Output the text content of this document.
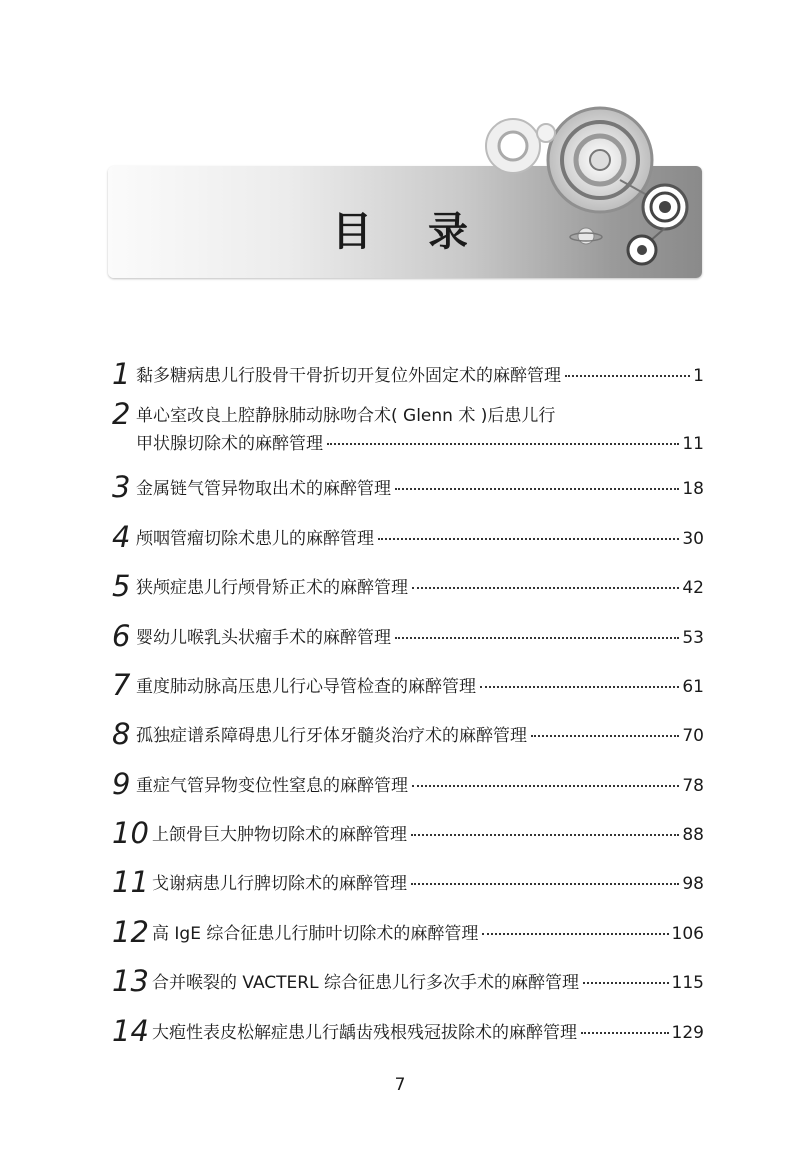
目录
1 黏多糖病患儿行股骨干骨折切开复位外固定术的麻醉管理	1
2 单心室改良上腔静脉肺动脉吻合术( Glenn 术 )后患儿行
甲状腺切除术的麻醉管理	11
3 金属链气管异物取出术的麻醉管理	18
4 颅咽管瘤切除术患儿的麻醉管理	30
5 狭颅症患儿行颅骨矫正术的麻醉管理	42
6 婴幼儿喉乳头状瘤手术的麻醉管理	53
7 重度肺动脉高压患儿行心导管检查的麻醉管理	61
8 孤独症谱系障碍患儿行牙体牙髓炎治疗术的麻醉管理	70
9 重症气管异物变位性窒息的麻醉管理	78
10 上颌骨巨大肿物切除术的麻醉管理	88
11 戈谢病患儿行脾切除术的麻醉管理	98
12 高 IgE 综合征患儿行肺叶切除术的麻醉管理	106
13 合并喉裂的 VACTERL 综合征患儿行多次手术的麻醉管理	115
14 大疱性表皮松解症患儿行龋齿残根残冠拔除术的麻醉管理	129
7
